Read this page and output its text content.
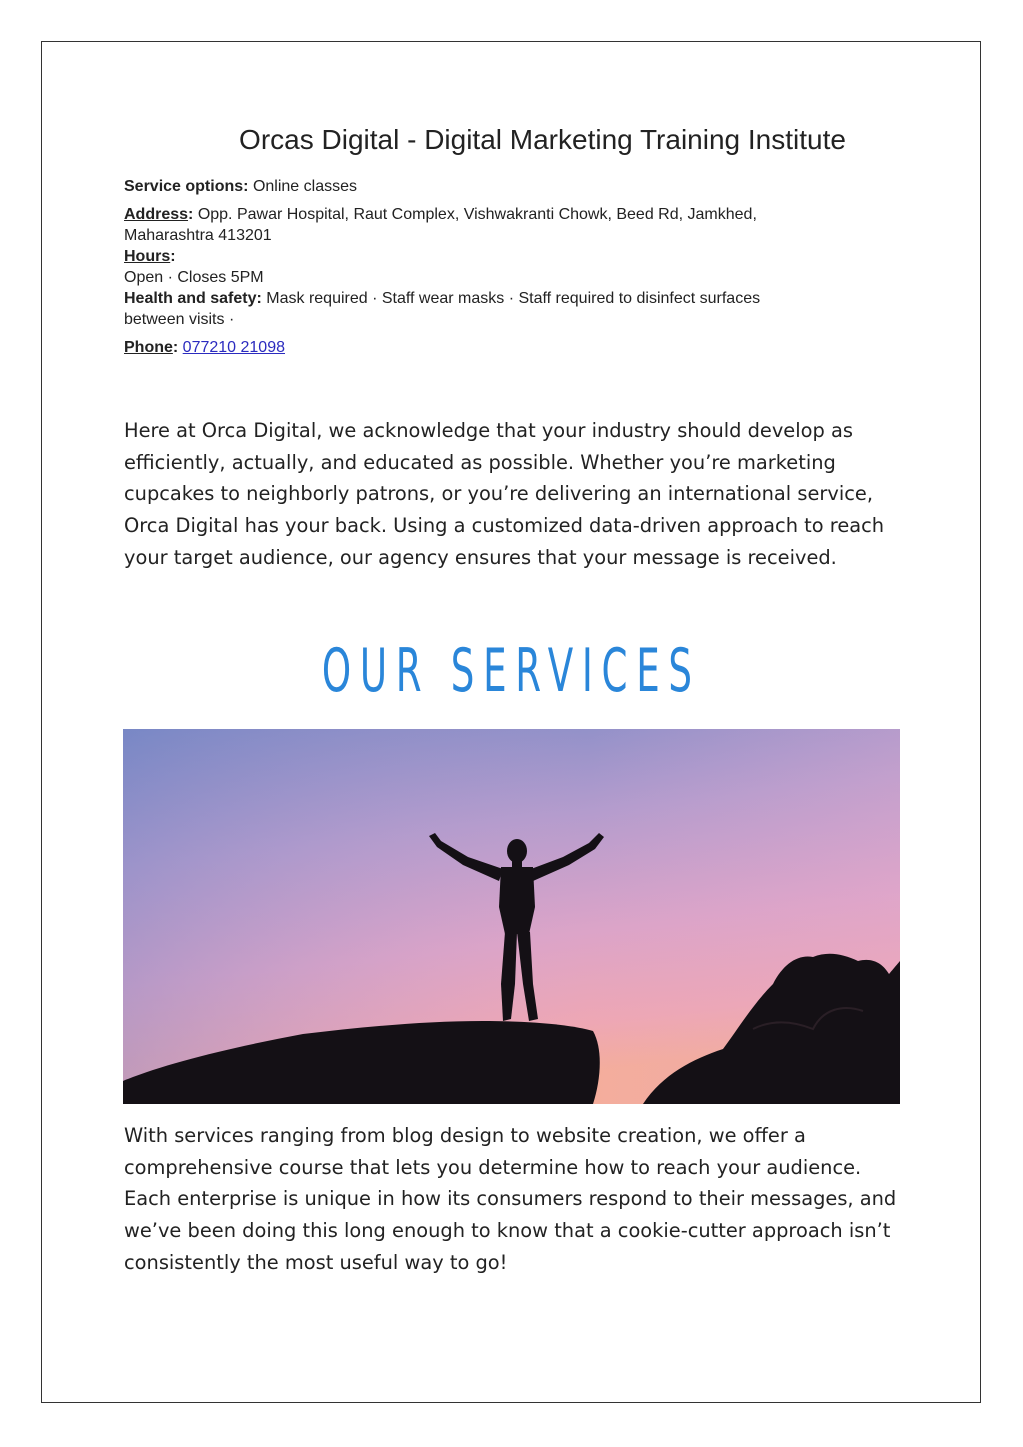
Orcas Digital - Digital Marketing Training Institute

Service options: Online classes

Address: Opp. Pawar Hospital, Raut Complex, Vishwakranti Chowk, Beed Rd, Jamkhed,
Maharashtra 413201

Hours:
Open · Closes 5PM

Health and safety: Mask required · Staff wear masks · Staff required to disinfect surfaces
between visits ·

Phone: 077210 21098

Here at Orca Digital, we acknowledge that your industry should develop as
efficiently, actually, and educated as possible. Whether you’re marketing
cupcakes to neighborly patrons, or you’re delivering an international service,
Orca Digital has your back. Using a customized data-driven approach to reach
your target audience, our agency ensures that your message is received.

OUR SERVICES

With services ranging from blog design to website creation, we offer a
comprehensive course that lets you determine how to reach your audience.
Each enterprise is unique in how its consumers respond to their messages, and
we’ve been doing this long enough to know that a cookie-cutter approach isn’t
consistently the most useful way to go!
